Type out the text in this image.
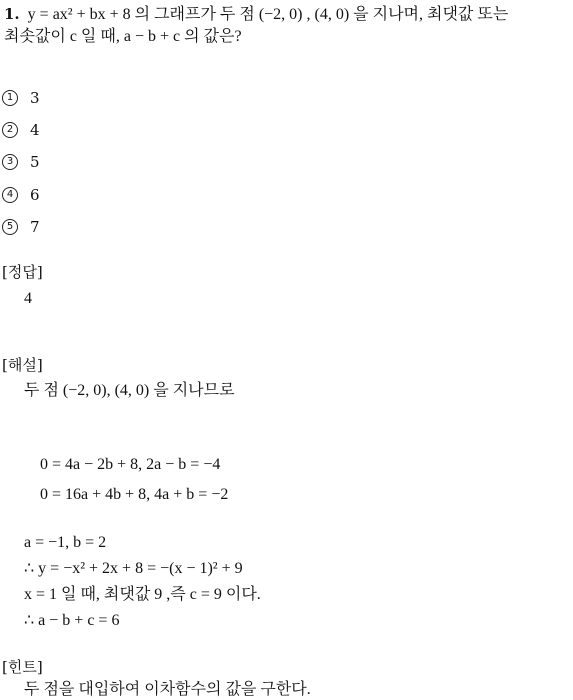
1. y = ax² + bx + 8 의 그래프가 두 점 (−2, 0) , (4, 0) 을 지나며, 최댓값 또는
최솟값이 c 일 때, a − b + c 의 값은?
1 3
2 4
3 5
4 6
5 7
[정답]
4
[해설]
두 점 (−2, 0), (4, 0) 을 지나므로
0 = 4a − 2b + 8, 2a − b = −4
0 = 16a + 4b + 8, 4a + b = −2
a = −1, b = 2
∴ y = −x² + 2x + 8 = −(x − 1)² + 9
x = 1 일 때, 최댓값 9 ,즉 c = 9 이다.
∴ a − b + c = 6
[힌트]
두 점을 대입하여 이차함수의 값을 구한다.
